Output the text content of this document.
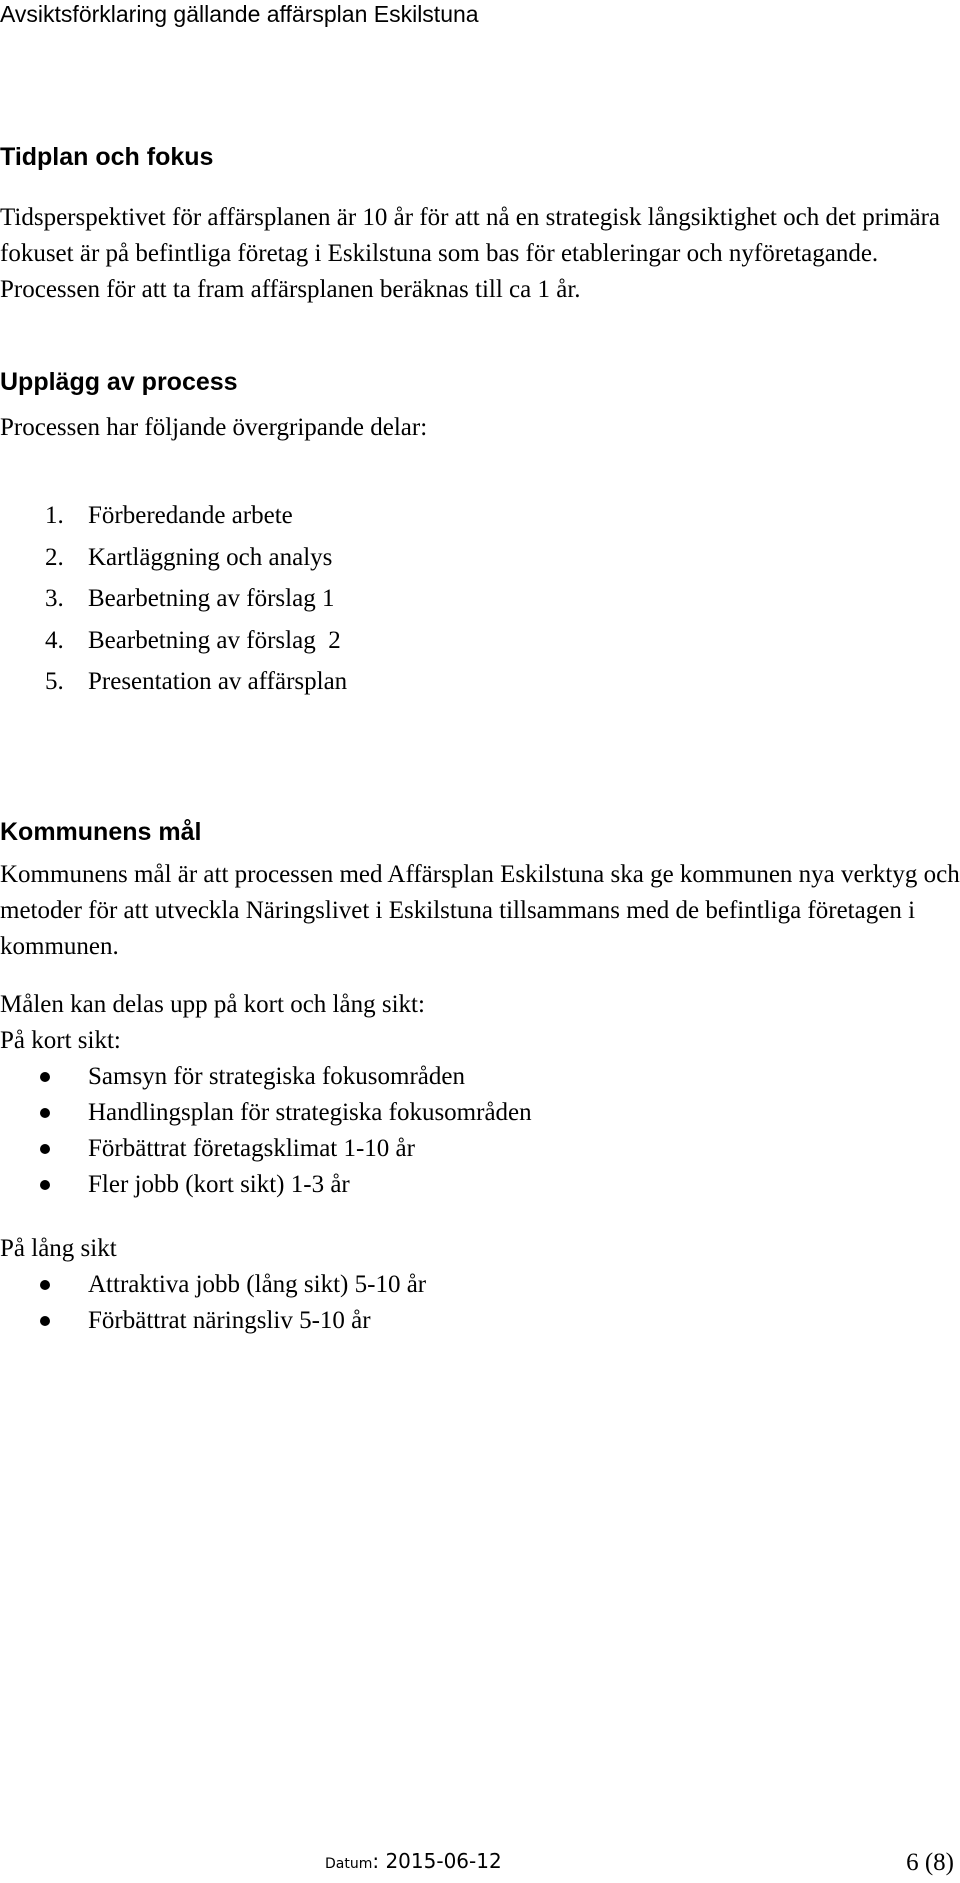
Avsiktsförklaring gällande affärsplan Eskilstuna
Tidplan och fokus

Tidsperspektivet för affärsplanen är 10 år för att nå en strategisk långsiktighet och det primära fokuset är på befintliga företag i Eskilstuna som bas för etableringar och nyföretagande. Processen för att ta fram affärsplanen beräknas till ca 1 år.

Upplägg av process

Processen har följande övergripande delar:

1. Förberedande arbete
2. Kartläggning och analys
3. Bearbetning av förslag 1
4. Bearbetning av förslag  2
5. Presentation av affärsplan
Kommunens mål

Kommunens mål är att processen med Affärsplan Eskilstuna ska ge kommunen nya verktyg och metoder för att utveckla Näringslivet i Eskilstuna tillsammans med de befintliga företagen i kommunen.

Målen kan delas upp på kort och lång sikt:

På kort sikt:

Samsyn för strategiska fokusområden
Handlingsplan för strategiska fokusområden
Förbättrat företagsklimat 1-10 år
Fler jobb (kort sikt) 1-3 år

På lång sikt

Attraktiva jobb (lång sikt) 5-10 år
Förbättrat näringsliv 5-10 år
Datum: 2015-06-12	6 (8)
